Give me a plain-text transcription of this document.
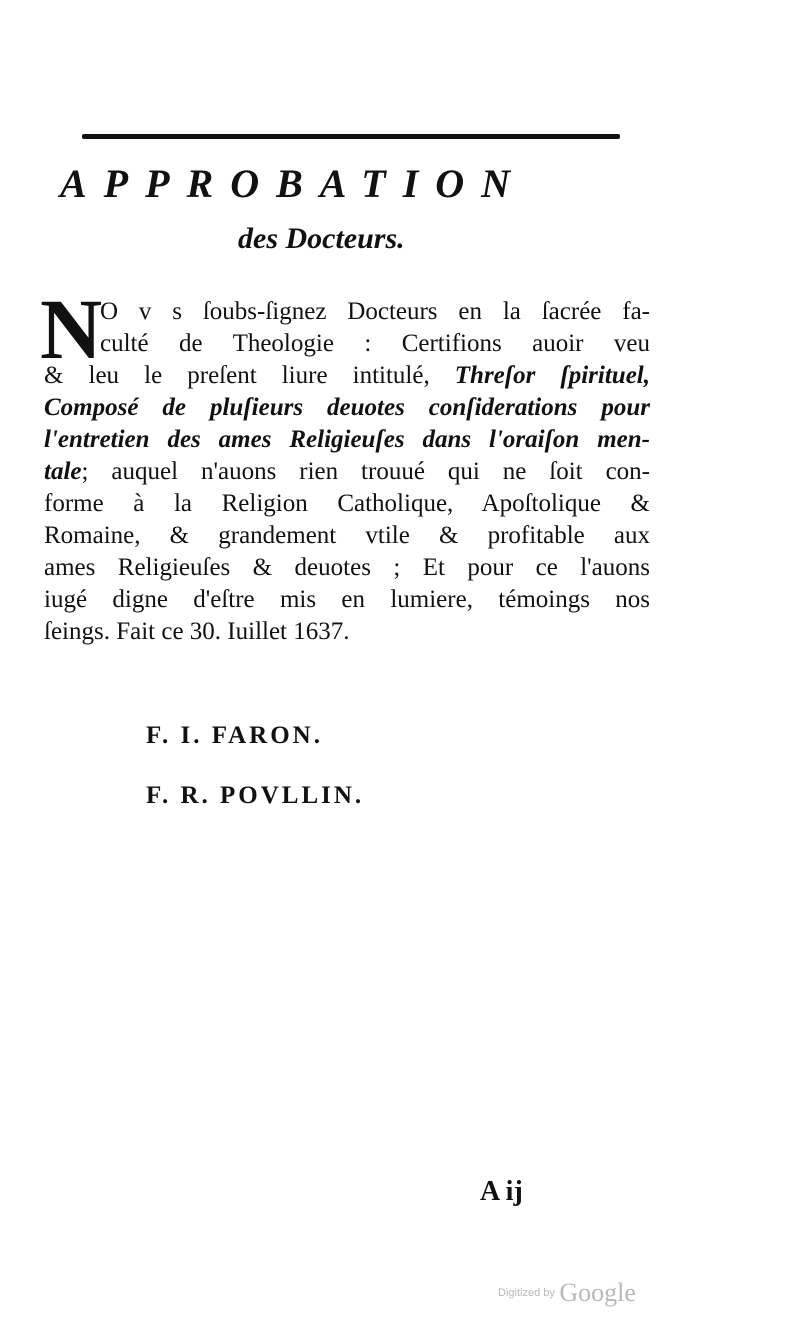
APPROBATION
des Docteurs.
N
O v s ſoubs-ſignez Docteurs en la ſacrée fa-
culté de Theologie : Certifions auoir veu
& leu le preſent liure intitulé, Threſor ſpirituel,
Composé de pluſieurs deuotes conſiderations pour
l'entretien des ames Religieuſes dans l'oraiſon men-
tale; auquel n'auons rien trouué qui ne ſoit con-
forme à la Religion Catholique, Apoſtolique &
Romaine, & grandement vtile & profitable aux
ames Religieuſes & deuotes ; Et pour ce l'auons
iugé digne d'eſtre mis en lumiere, témoings nos
ſeings. Fait ce 30. Iuillet 1637.
F. I. FARON.
F. R. POVLLIN.
A ij
Digitized by Google
